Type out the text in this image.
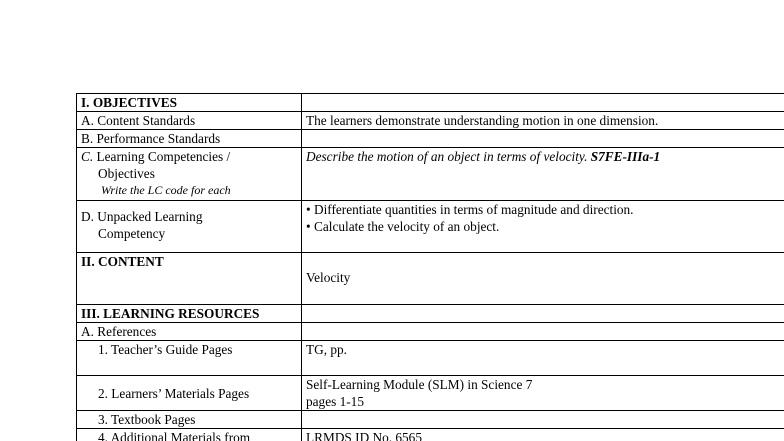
I. OBJECTIVES	
A. Content Standards	The learners demonstrate understanding motion in one dimension.
B. Performance Standards	

C. Learning Competencies /
Objectives
Write the LC code for each	Describe the motion of an object in terms of velocity. S7FE-IIIa-1

D. Unpacked Learning
Competency	• Differentiate quantities in terms of magnitude and direction.
• Calculate the velocity of an object.

II. CONTENT	Velocity
III. LEARNING RESOURCES	
A. References	

1. Teacher’s Guide Pages	TG, pp.

2. Learners’ Materials Pages	Self-Learning Module (SLM) in Science 7
pages 1-15

3. Textbook Pages	

4. Additional Materials from	LRMDS ID No. 6565
